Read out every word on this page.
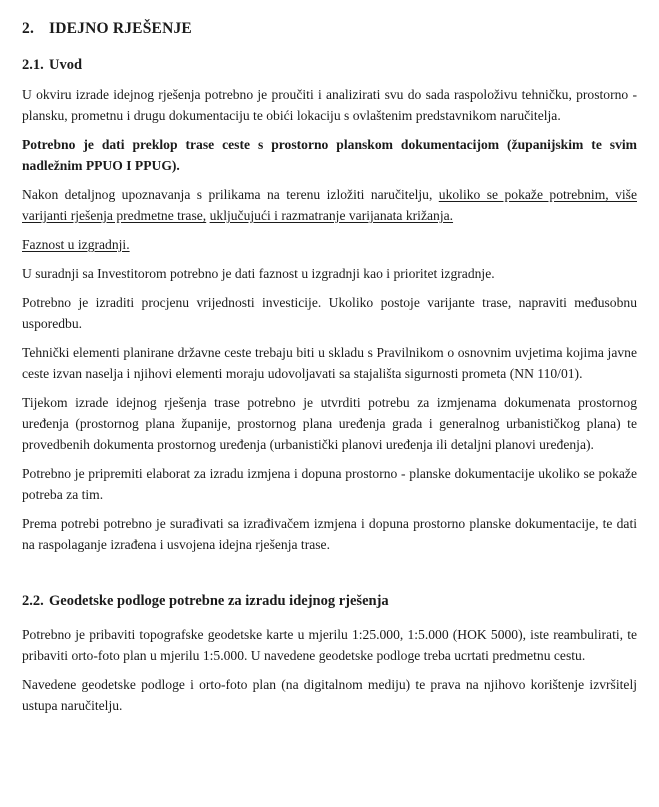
2. IDEJNO RJEŠENJE
2.1. Uvod

U okviru izrade idejnog rješenja potrebno je proučiti i analizirati svu do sada raspoloživu tehničku, prostorno - plansku, prometnu i drugu dokumentaciju te obići lokaciju s ovlaštenim predstavnikom naručitelja.

Potrebno je dati preklop trase ceste s prostorno planskom dokumentacijom (županijskim te svim nadležnim PPUO I PPUG).

Nakon detaljnog upoznavanja s prilikama na terenu izložiti naručitelju, ukoliko se pokaže potrebnim, više varijanti rješenja predmetne trase, uključujući i razmatranje varijanata križanja.

Faznost u izgradnji.

U suradnji sa Investitorom potrebno je dati faznost u izgradnji kao i prioritet izgradnje.

Potrebno je izraditi procjenu vrijednosti investicije. Ukoliko postoje varijante trase, napraviti međusobnu usporedbu.

Tehnički elementi planirane državne ceste trebaju biti u skladu s Pravilnikom o osnovnim uvjetima kojima javne ceste izvan naselja i njihovi elementi moraju udovoljavati sa stajališta sigurnosti prometa (NN 110/01).

Tijekom izrade idejnog rješenja trase potrebno je utvrditi potrebu za izmjenama dokumenata prostornog uređenja (prostornog plana županije, prostornog plana uređenja grada i generalnog urbanističkog plana) te provedbenih dokumenta prostornog uređenja (urbanistički planovi uređenja ili detaljni planovi uređenja).

Potrebno je pripremiti elaborat za izradu izmjena i dopuna prostorno - planske dokumentacije ukoliko se pokaže potreba za tim.

Prema potrebi potrebno je surađivati sa izrađivačem izmjena i dopuna prostorno planske dokumentacije, te dati na raspolaganje izrađena i usvojena idejna rješenja trase.

2.2. Geodetske podloge potrebne za izradu idejnog rješenja

Potrebno je pribaviti topografske geodetske karte u mjerilu 1:25.000, 1:5.000 (HOK 5000), iste reambulirati, te pribaviti orto-foto plan u mjerilu 1:5.000. U navedene geodetske podloge treba ucrtati predmetnu cestu.

Navedene geodetske podloge i orto-foto plan (na digitalnom mediju) te prava na njihovo korištenje izvršitelj ustupa naručitelju.
